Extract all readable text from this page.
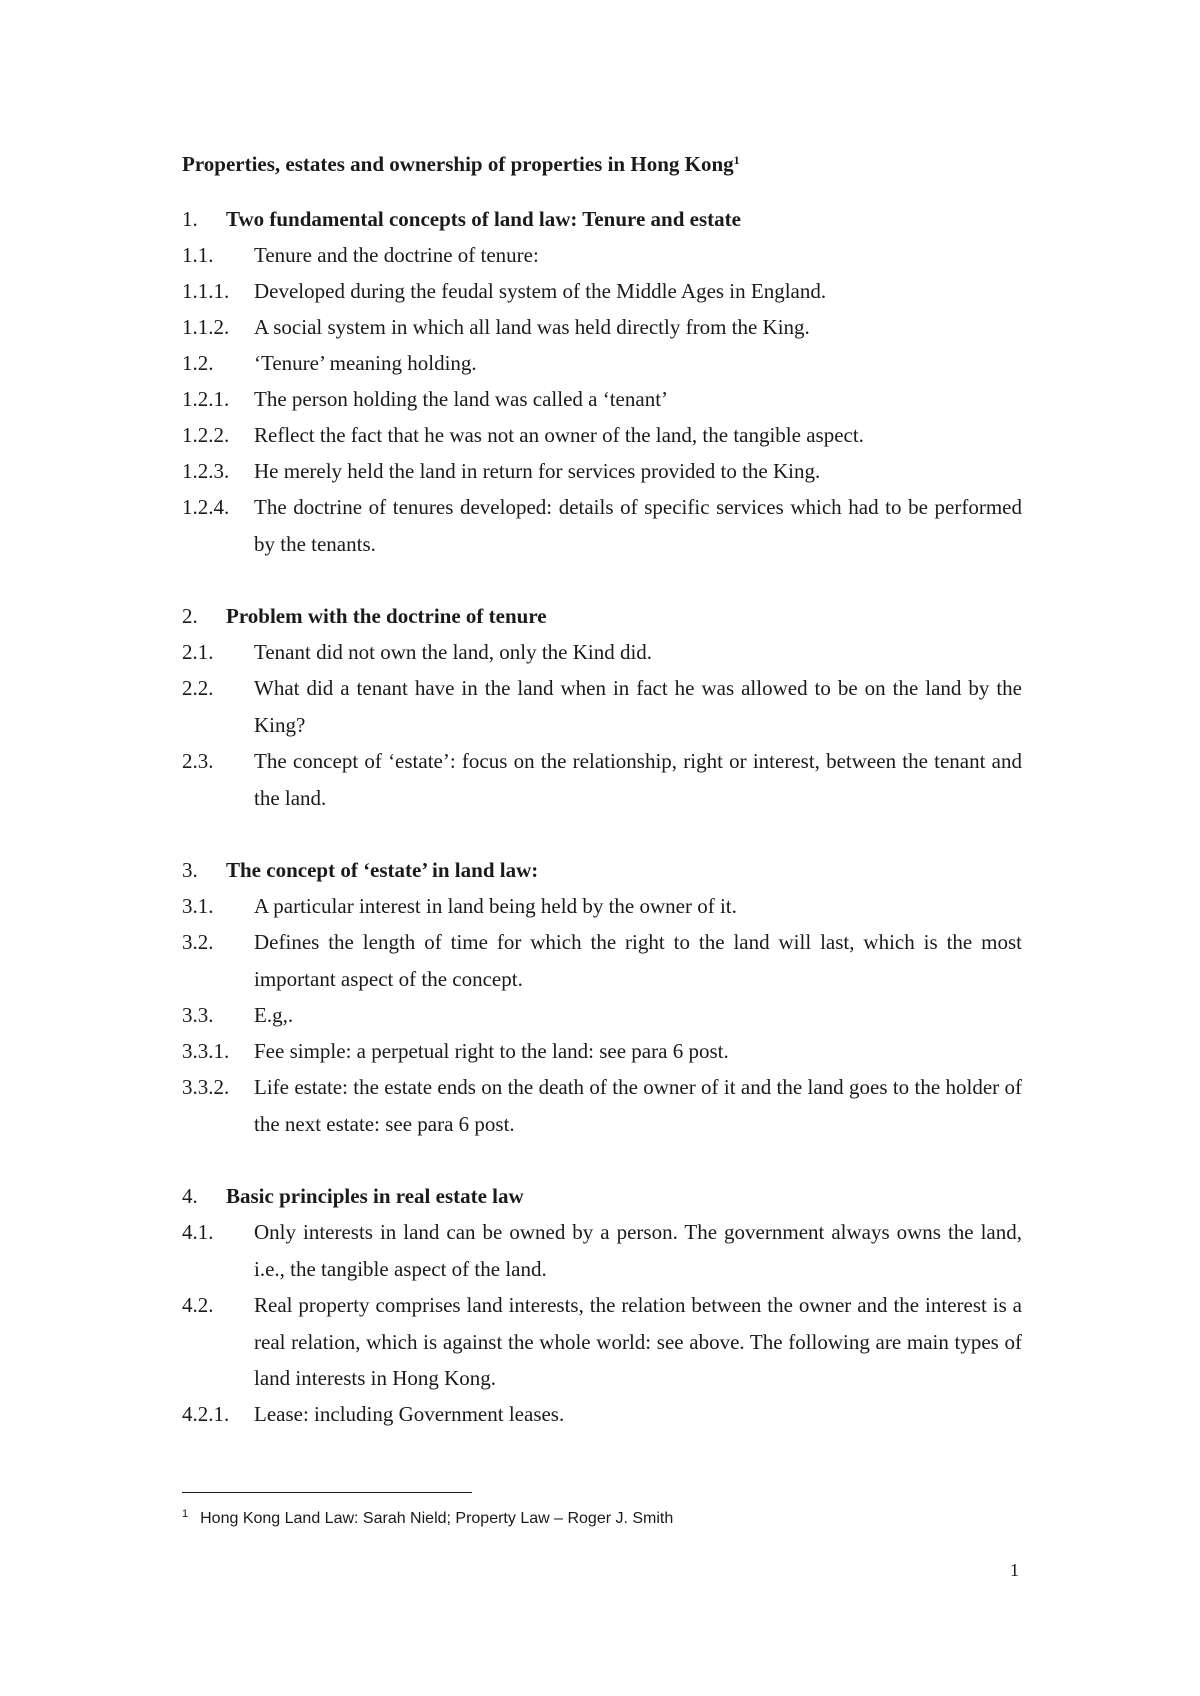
Properties, estates and ownership of properties in Hong Kong$^1$
1. Two fundamental concepts of land law: Tenure and estate
1.1. Tenure and the doctrine of tenure:
1.1.1. Developed during the feudal system of the Middle Ages in England.
1.1.2. A social system in which all land was held directly from the King.
1.2. ‘Tenure’ meaning holding.
1.2.1. The person holding the land was called a ‘tenant’
1.2.2. Reflect the fact that he was not an owner of the land, the tangible aspect.
1.2.3. He merely held the land in return for services provided to the King.
1.2.4. The doctrine of tenures developed: details of specific services which had to be performed by the tenants.
2. Problem with the doctrine of tenure
2.1. Tenant did not own the land, only the Kind did.
2.2. What did a tenant have in the land when in fact he was allowed to be on the land by the King?
2.3. The concept of ‘estate’: focus on the relationship, right or interest, between the tenant and the land.
3. The concept of ‘estate’ in land law:
3.1. A particular interest in land being held by the owner of it.
3.2. Defines the length of time for which the right to the land will last, which is the most important aspect of the concept.
3.3. E.g,.
3.3.1. Fee simple: a perpetual right to the land: see para 6 post.
3.3.2. Life estate: the estate ends on the death of the owner of it and the land goes to the holder of the next estate: see para 6 post.
4. Basic principles in real estate law
4.1. Only interests in land can be owned by a person. The government always owns the land, i.e., the tangible aspect of the land.
4.2. Real property comprises land interests, the relation between the owner and the interest is a real relation, which is against the whole world: see above. The following are main types of land interests in Hong Kong.
4.2.1. Lease: including Government leases.
$^1$ Hong Kong Land Law: Sarah Nield; Property Law – Roger J. Smith
1
